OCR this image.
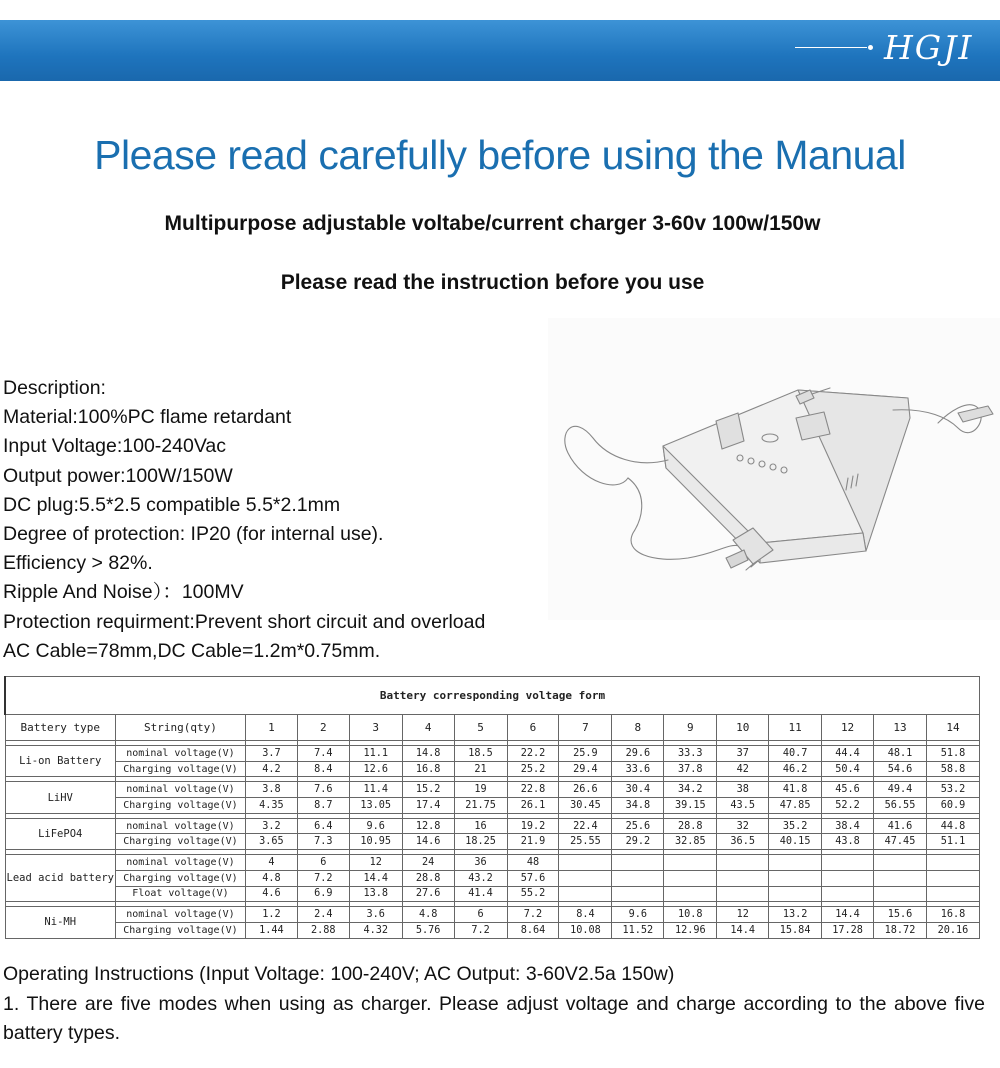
HGJI
Please read carefully before using the Manual
Multipurpose adjustable voltabe/current charger 3-60v 100w/150w
Please read the instruction before you use
Description:
Material:100%PC flame retardant
Input Voltage:100-240Vac
Output power:100W/150W
DC plug:5.5*2.5 compatible 5.5*2.1mm
Degree of protection: IP20 (for internal use).
Efficiency > 82%.
Ripple And Noise）：100MV
Protection requirment:Prevent short circuit and overload
AC Cable=78mm,DC Cable=1.2m*0.75mm.
Battery corresponding voltage form															
Battery type	String(qty)	1	2	3	4	5	6	7	8	9	10	11	12	13	14

Li-on Battery	nominal voltage(V)	3.7	7.4	11.1	14.8	18.5	22.2	25.9	29.6	33.3	37	40.7	44.4	48.1	51.8
	Charging voltage(V)	4.2	8.4	12.6	16.8	21	25.2	29.4	33.6	37.8	42	46.2	50.4	54.6	58.8

LiHV	nominal voltage(V)	3.8	7.6	11.4	15.2	19	22.8	26.6	30.4	34.2	38	41.8	45.6	49.4	53.2
	Charging voltage(V)	4.35	8.7	13.05	17.4	21.75	26.1	30.45	34.8	39.15	43.5	47.85	52.2	56.55	60.9

LiFePO4	nominal voltage(V)	3.2	6.4	9.6	12.8	16	19.2	22.4	25.6	28.8	32	35.2	38.4	41.6	44.8
	Charging voltage(V)	3.65	7.3	10.95	14.6	18.25	21.9	25.55	29.2	32.85	36.5	40.15	43.8	47.45	51.1

Lead acid battery	nominal voltage(V)	4	6	12	24	36	48								
	Charging voltage(V)	4.8	7.2	14.4	28.8	43.2	57.6								
	Float voltage(V)	4.6	6.9	13.8	27.6	41.4	55.2								

Ni-MH	nominal voltage(V)	1.2	2.4	3.6	4.8	6	7.2	8.4	9.6	10.8	12	13.2	14.4	15.6	16.8
	Charging voltage(V)	1.44	2.88	4.32	5.76	7.2	8.64	10.08	11.52	12.96	14.4	15.84	17.28	18.72	20.16

Operating Instructions (Input Voltage: 100-240V; AC Output: 3-60V2.5a 150w)

1. There are five modes when using as charger. Please adjust voltage and charge according to the above five battery types.
